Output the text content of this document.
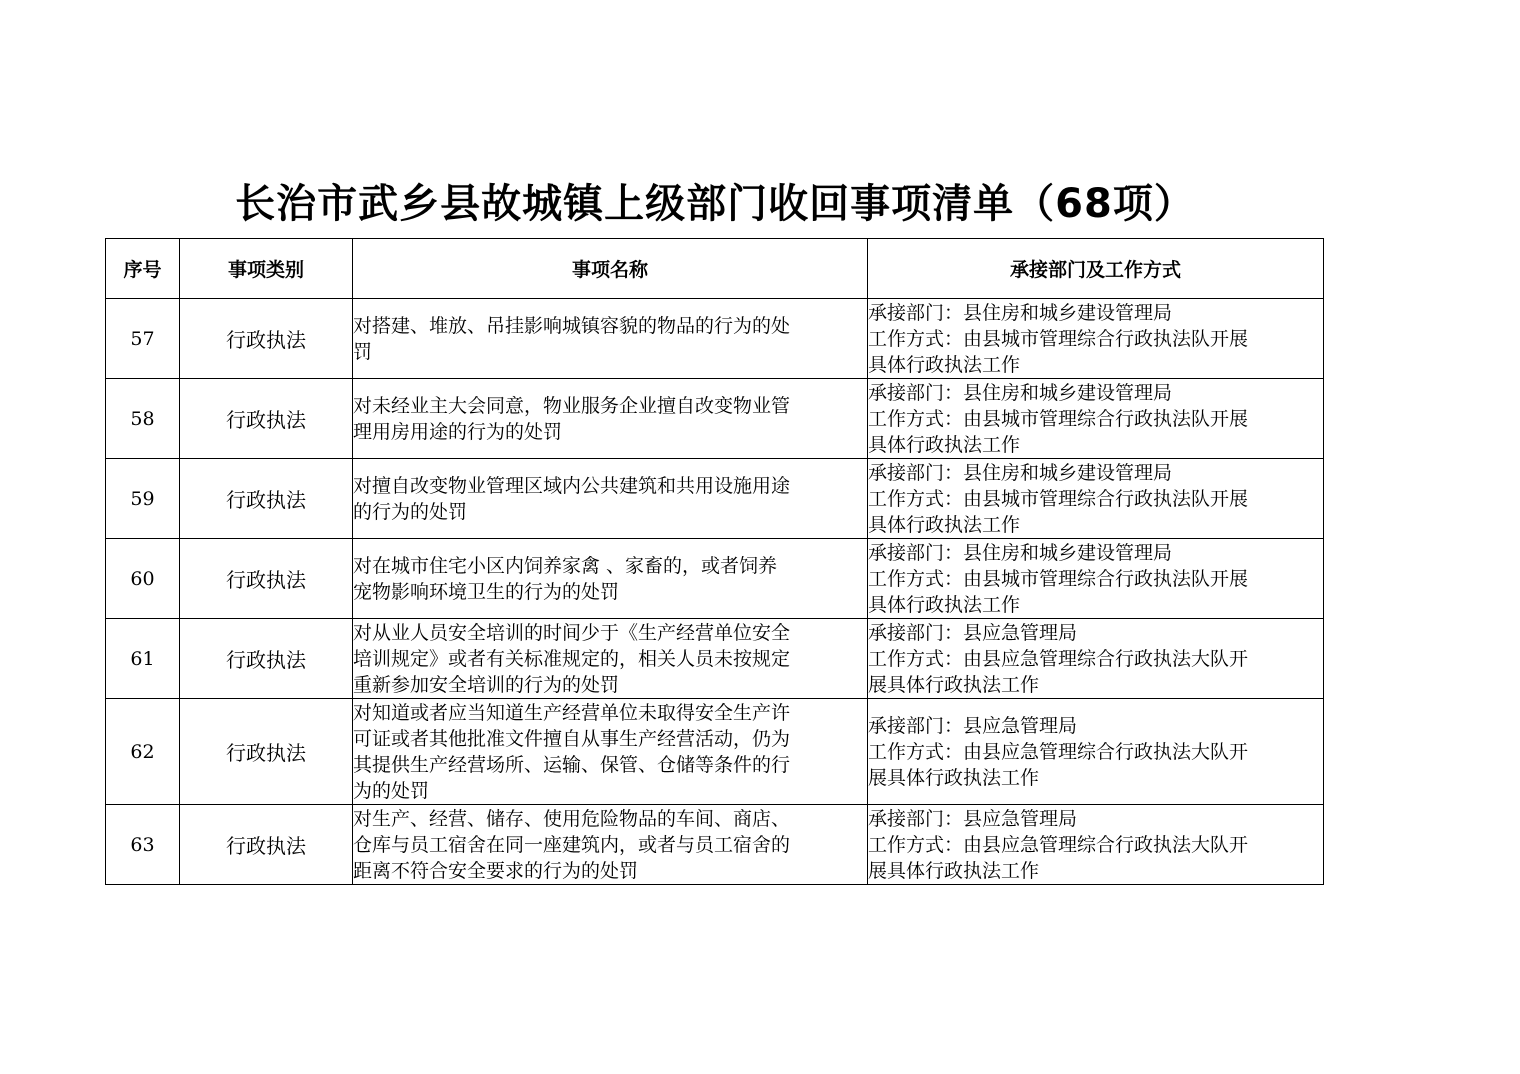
长治市武乡县故城镇上级部门收回事项清单（68项）
序号	事项类别	事项名称	承接部门及工作方式
57	行政执法	对搭建、堆放、吊挂影响城镇容貌的物品的行为的处
罚	承接部门：县住房和城乡建设管理局
工作方式：由县城市管理综合行政执法队开展
具体行政执法工作

58	行政执法	对未经业主大会同意，物业服务企业擅自改变物业管
理用房用途的行为的处罚	承接部门：县住房和城乡建设管理局
工作方式：由县城市管理综合行政执法队开展
具体行政执法工作

59	行政执法	对擅自改变物业管理区域内公共建筑和共用设施用途
的行为的处罚	承接部门：县住房和城乡建设管理局
工作方式：由县城市管理综合行政执法队开展
具体行政执法工作

60	行政执法	对在城市住宅小区内饲养家禽 、家畜的，或者饲养
宠物影响环境卫生的行为的处罚	承接部门：县住房和城乡建设管理局
工作方式：由县城市管理综合行政执法队开展
具体行政执法工作

61	行政执法	对从业人员安全培训的时间少于《生产经营单位安全
培训规定》或者有关标准规定的，相关人员未按规定
重新参加安全培训的行为的处罚	承接部门：县应急管理局
工作方式：由县应急管理综合行政执法大队开
展具体行政执法工作

62	行政执法	对知道或者应当知道生产经营单位未取得安全生产许
可证或者其他批准文件擅自从事生产经营活动，仍为
其提供生产经营场所、运输、保管、仓储等条件的行
为的处罚	承接部门：县应急管理局
工作方式：由县应急管理综合行政执法大队开
展具体行政执法工作

63	行政执法	对生产、经营、储存、使用危险物品的车间、商店、
仓库与员工宿舍在同一座建筑内，或者与员工宿舍的
距离不符合安全要求的行为的处罚	承接部门：县应急管理局
工作方式：由县应急管理综合行政执法大队开
展具体行政执法工作
